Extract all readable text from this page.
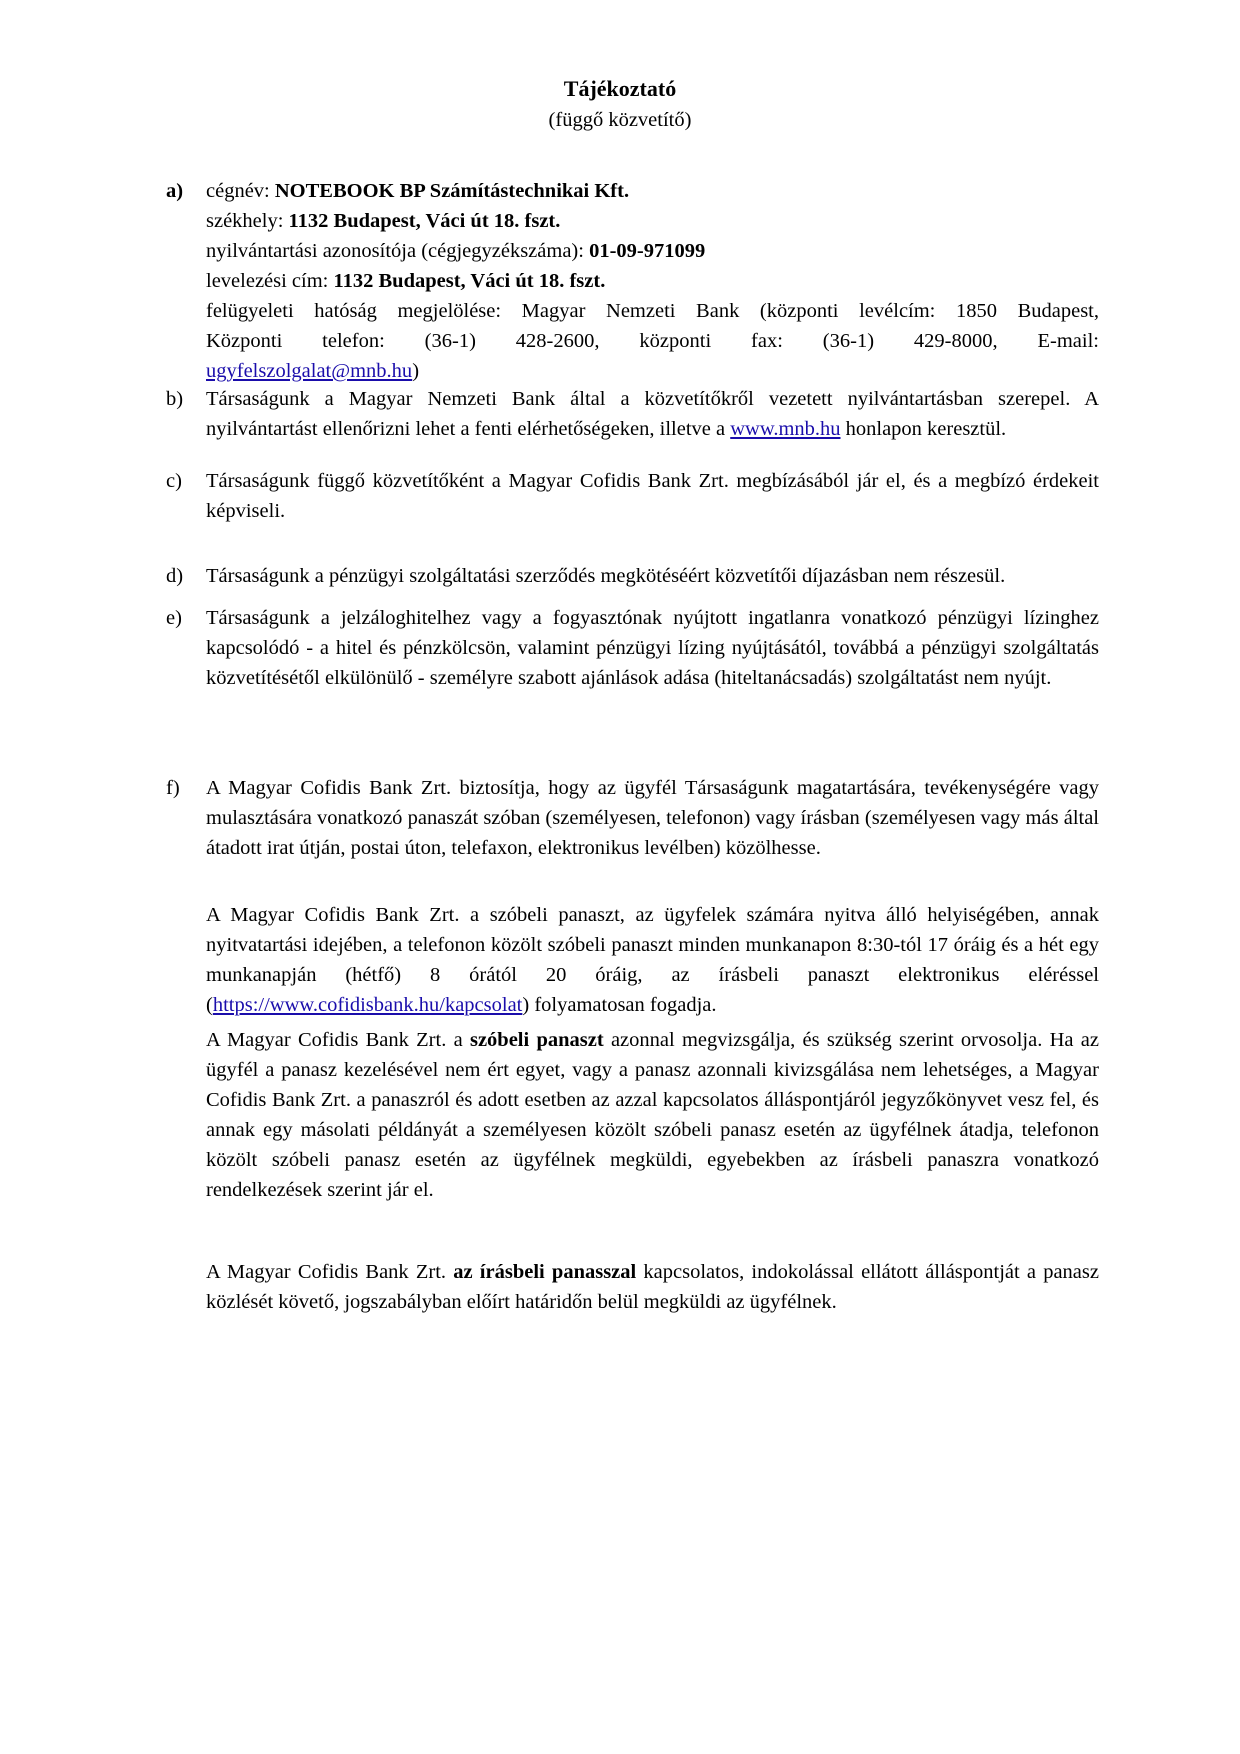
Tájékoztató
(függő közvetítő)
a)	cégnév: NOTEBOOK BP Számítástechnikai Kft.

székhely: 1132 Budapest, Váci út 18. fszt.

nyilvántartási azonosítója (cégjegyzékszáma): 01-09-971099

levelezési cím: 1132 Budapest, Váci út 18. fszt.

felügyeleti hatóság megjelölése: Magyar Nemzeti Bank (központi levélcím: 1850 Budapest,

Központi telefon: (36-1) 428-2600, központi fax: (36-1) 429-8000, E-mail:

ugyfelszolgalat@mnb.hu)

b)	Társaságunk a Magyar Nemzeti Bank által a közvetítőkről vezetett nyilvántartásban szerepel. A nyilvántartást ellenőrizni lehet a fenti elérhetőségeken, illetve a www.mnb.hu honlapon keresztül.

c)	Társaságunk függő közvetítőként a Magyar Cofidis Bank Zrt. megbízásából jár el, és a megbízó érdekeit képviseli.

d)	Társaságunk a pénzügyi szolgáltatási szerződés megkötéséért közvetítői díjazásban nem részesül.

e)	Társaságunk a jelzáloghitelhez vagy a fogyasztónak nyújtott ingatlanra vonatkozó pénzügyi lízinghez kapcsolódó - a hitel és pénzkölcsön, valamint pénzügyi lízing nyújtásától, továbbá a pénzügyi szolgáltatás közvetítésétől elkülönülő - személyre szabott ajánlások adása (hiteltanácsadás) szolgáltatást nem nyújt.

f)	A Magyar Cofidis Bank Zrt. biztosítja, hogy az ügyfél Társaságunk magatartására, tevékenységére vagy mulasztására vonatkozó panaszát szóban (személyesen, telefonon) vagy írásban (személyesen vagy más által átadott irat útján, postai úton, telefaxon, elektronikus levélben) közölhesse.

A Magyar Cofidis Bank Zrt. a szóbeli panaszt, az ügyfelek számára nyitva álló helyiségében, annak nyitvatartási idejében, a telefonon közölt szóbeli panaszt minden munkanapon 8:30-tól 17 óráig és a hét egy munkanapján (hétfő) 8 órától 20 óráig, az írásbeli panaszt elektronikus eléréssel (https://www.cofidisbank.hu/kapcsolat) folyamatosan fogadja.

A Magyar Cofidis Bank Zrt. a szóbeli panaszt azonnal megvizsgálja, és szükség szerint orvosolja. Ha az ügyfél a panasz kezelésével nem ért egyet, vagy a panasz azonnali kivizsgálása nem lehetséges, a Magyar Cofidis Bank Zrt. a panaszról és adott esetben az azzal kapcsolatos álláspontjáról jegyzőkönyvet vesz fel, és annak egy másolati példányát a személyesen közölt szóbeli panasz esetén az ügyfélnek átadja, telefonon közölt szóbeli panasz esetén az ügyfélnek megküldi, egyebekben az írásbeli panaszra vonatkozó rendelkezések szerint jár el.

A Magyar Cofidis Bank Zrt. az írásbeli panasszal kapcsolatos, indokolással ellátott álláspontját a panasz közlését követő, jogszabályban előírt határidőn belül megküldi az ügyfélnek.
